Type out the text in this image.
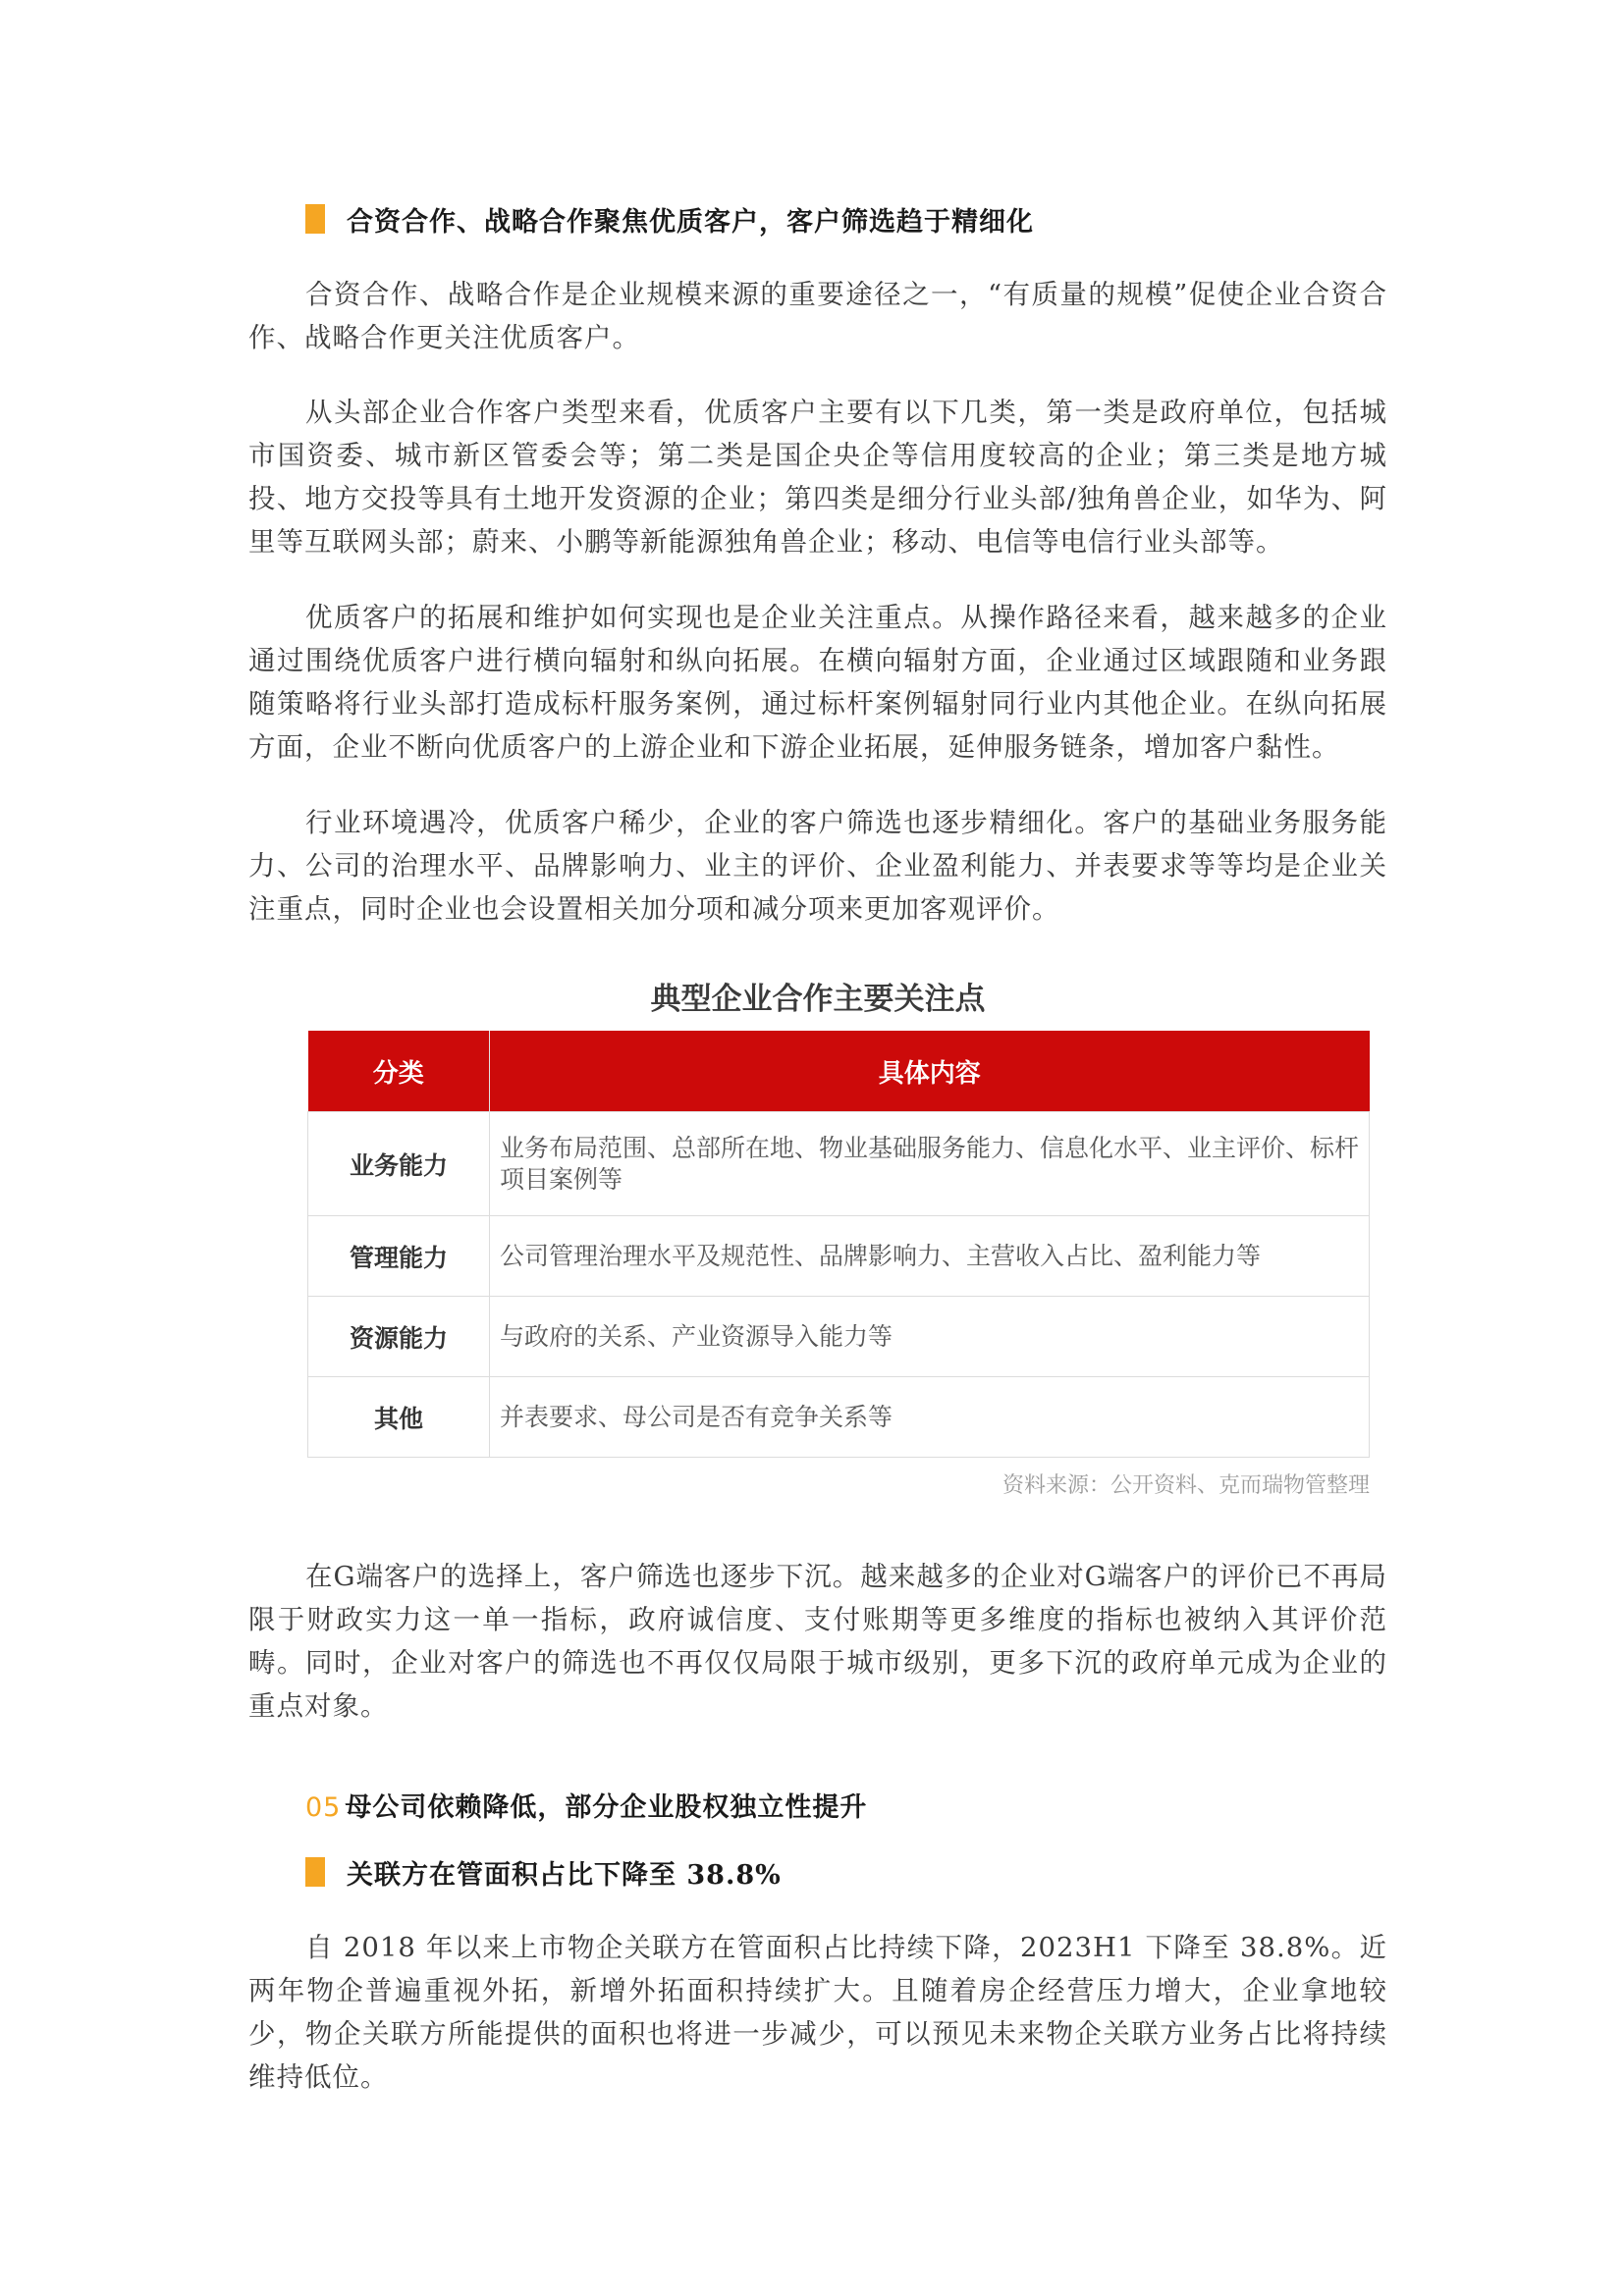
合资合作、战略合作聚焦优质客户，客户筛选趋于精细化

合资合作、战略合作是企业规模来源的重要途径之一，“有质量的规模”促使企业合资合作、战略合作更关注优质客户。

从头部企业合作客户类型来看，优质客户主要有以下几类，第一类是政府单位，包括城市国资委、城市新区管委会等；第二类是国企央企等信用度较高的企业；第三类是地方城投、地方交投等具有土地开发资源的企业；第四类是细分行业头部/独角兽企业，如华为、阿里等互联网头部；蔚来、小鹏等新能源独角兽企业；移动、电信等电信行业头部等。

优质客户的拓展和维护如何实现也是企业关注重点。从操作路径来看，越来越多的企业通过围绕优质客户进行横向辐射和纵向拓展。在横向辐射方面，企业通过区域跟随和业务跟随策略将行业头部打造成标杆服务案例，通过标杆案例辐射同行业内其他企业。在纵向拓展方面，企业不断向优质客户的上游企业和下游企业拓展，延伸服务链条，增加客户黏性。

行业环境遇冷，优质客户稀少，企业的客户筛选也逐步精细化。客户的基础业务服务能力、公司的治理水平、品牌影响力、业主的评价、企业盈利能力、并表要求等等均是企业关注重点，同时企业也会设置相关加分项和减分项来更加客观评价。

典型企业合作主要关注点
分类	具体内容
业务能力	业务布局范围、总部所在地、物业基础服务能力、信息化水平、业主评价、标杆项目案例等
管理能力	公司管理治理水平及规范性、品牌影响力、主营收入占比、盈利能力等
资源能力	与政府的关系、产业资源导入能力等
其他	并表要求、母公司是否有竞争关系等
资料来源：公开资料、克而瑞物管整理

在G端客户的选择上，客户筛选也逐步下沉。越来越多的企业对G端客户的评价已不再局限于财政实力这一单一指标，政府诚信度、支付账期等更多维度的指标也被纳入其评价范畴。同时，企业对客户的筛选也不再仅仅局限于城市级别，更多下沉的政府单元成为企业的重点对象。

05 母公司依赖降低，部分企业股权独立性提升
关联方在管面积占比下降至 38.8%

自 2018 年以来上市物企关联方在管面积占比持续下降，2023H1 下降至 38.8%。近两年物企普遍重视外拓，新增外拓面积持续扩大。且随着房企经营压力增大，企业拿地较少，物企关联方所能提供的面积也将进一步减少，可以预见未来物企关联方业务占比将持续维持低位。
